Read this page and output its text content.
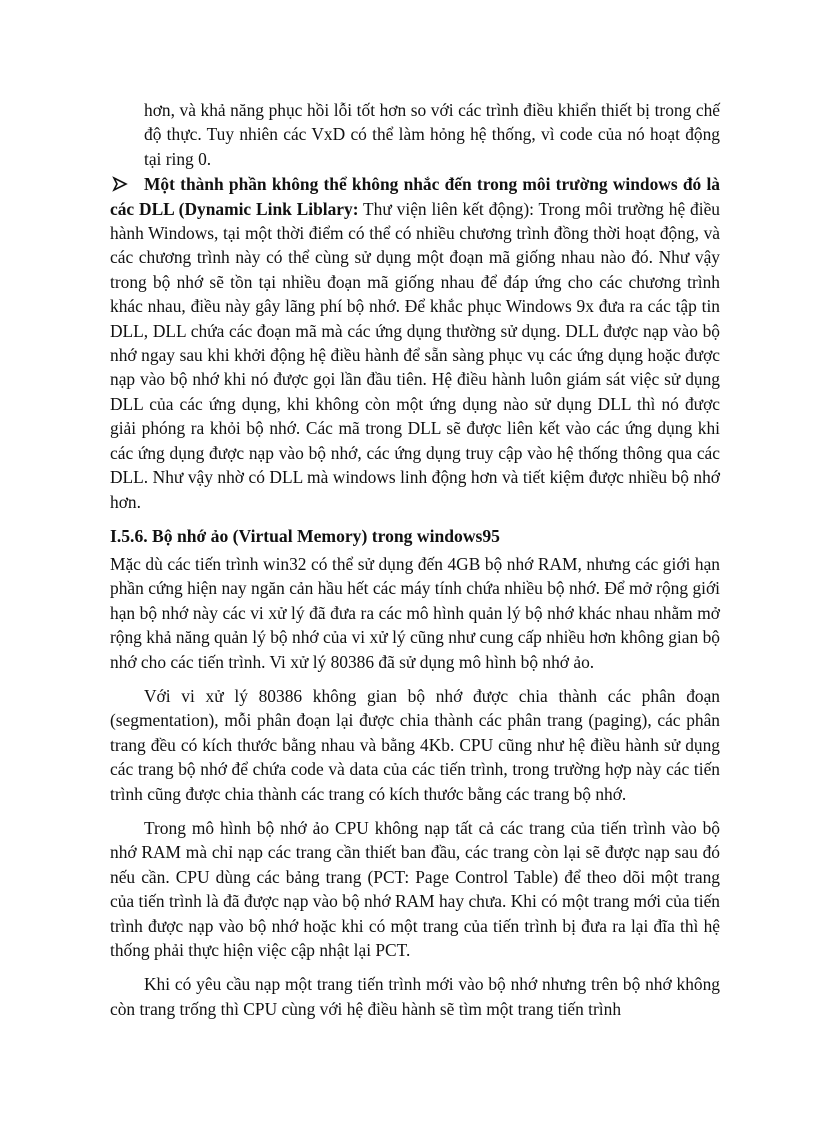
hơn, và khả năng phục hồi lỗi tốt hơn so với các trình điều khiển thiết bị trong chế độ thực. Tuy nhiên các VxD có thể làm hỏng hệ thống, vì code của nó hoạt động tại ring 0.

Một thành phần không thể không nhắc đến trong môi trường windows đó là các DLL (Dynamic Link Liblary: Thư viện liên kết động): Trong môi trường hệ điều hành Windows, tại một thời điểm có thể có nhiều chương trình đồng thời hoạt động, và các chương trình này có thể cùng sử dụng một đoạn mã giống nhau nào đó. Như vậy trong bộ nhớ sẽ tồn tại nhiều đoạn mã giống nhau để đáp ứng cho các chương trình khác nhau, điều này gây lãng phí bộ nhớ. Để khắc phục Windows 9x đưa ra các tập tin DLL, DLL chứa các đoạn mã mà các ứng dụng thường sử dụng. DLL được nạp vào bộ nhớ ngay sau khi khởi động hệ điều hành để sẵn sàng phục vụ các ứng dụng hoặc được nạp vào bộ nhớ khi nó được gọi lần đầu tiên. Hệ điều hành luôn giám sát việc sử dụng DLL của các ứng dụng, khi không còn một ứng dụng nào sử dụng DLL thì nó được giải phóng ra khỏi bộ nhớ. Các mã trong DLL sẽ được liên kết vào các ứng dụng khi các ứng dụng được nạp vào bộ nhớ, các ứng dụng truy cập vào hệ thống thông qua các DLL. Như vậy nhờ có DLL mà windows linh động hơn và tiết kiệm được nhiều bộ nhớ hơn.
I.5.6. Bộ nhớ ảo (Virtual Memory) trong windows95

Mặc dù các tiến trình win32 có thể sử dụng đến 4GB bộ nhớ RAM, nhưng các giới hạn phần cứng hiện nay ngăn cản hầu hết các máy tính chứa nhiều bộ nhớ. Để mở rộng giới hạn bộ nhớ này các vi xử lý đã đưa ra các mô hình quản lý bộ nhớ khác nhau nhằm mở rộng khả năng quản lý bộ nhớ của vi xử lý cũng như cung cấp nhiều hơn không gian bộ nhớ cho các tiến trình. Vi xử lý 80386 đã sử dụng mô hình bộ nhớ ảo.

Với vi xử lý 80386 không gian bộ nhớ được chia thành các phân đoạn (segmentation), mỗi phân đoạn lại được chia thành các phân trang (paging), các phân trang đều có kích thước bằng nhau và bằng 4Kb. CPU cũng như hệ điều hành sử dụng các trang bộ nhớ để chứa code và data của các tiến trình, trong trường hợp này các tiến trình cũng được chia thành các trang có kích thước bằng các trang bộ nhớ.

Trong mô hình bộ nhớ ảo CPU không nạp tất cả các trang của tiến trình vào bộ nhớ RAM mà chỉ nạp các trang cần thiết ban đầu, các trang còn lại sẽ được nạp sau đó nếu cần. CPU dùng các bảng trang (PCT: Page Control Table) để theo dõi một trang của tiến trình là đã được nạp vào bộ nhớ RAM hay chưa. Khi có một trang mới của tiến trình được nạp vào bộ nhớ hoặc khi có một trang của tiến trình bị đưa ra lại đĩa thì hệ thống phải thực hiện việc cập nhật lại PCT.

Khi có yêu cầu nạp một trang tiến trình mới vào bộ nhớ nhưng trên bộ nhớ không còn trang trống thì CPU cùng với hệ điều hành sẽ tìm một trang tiến trình
